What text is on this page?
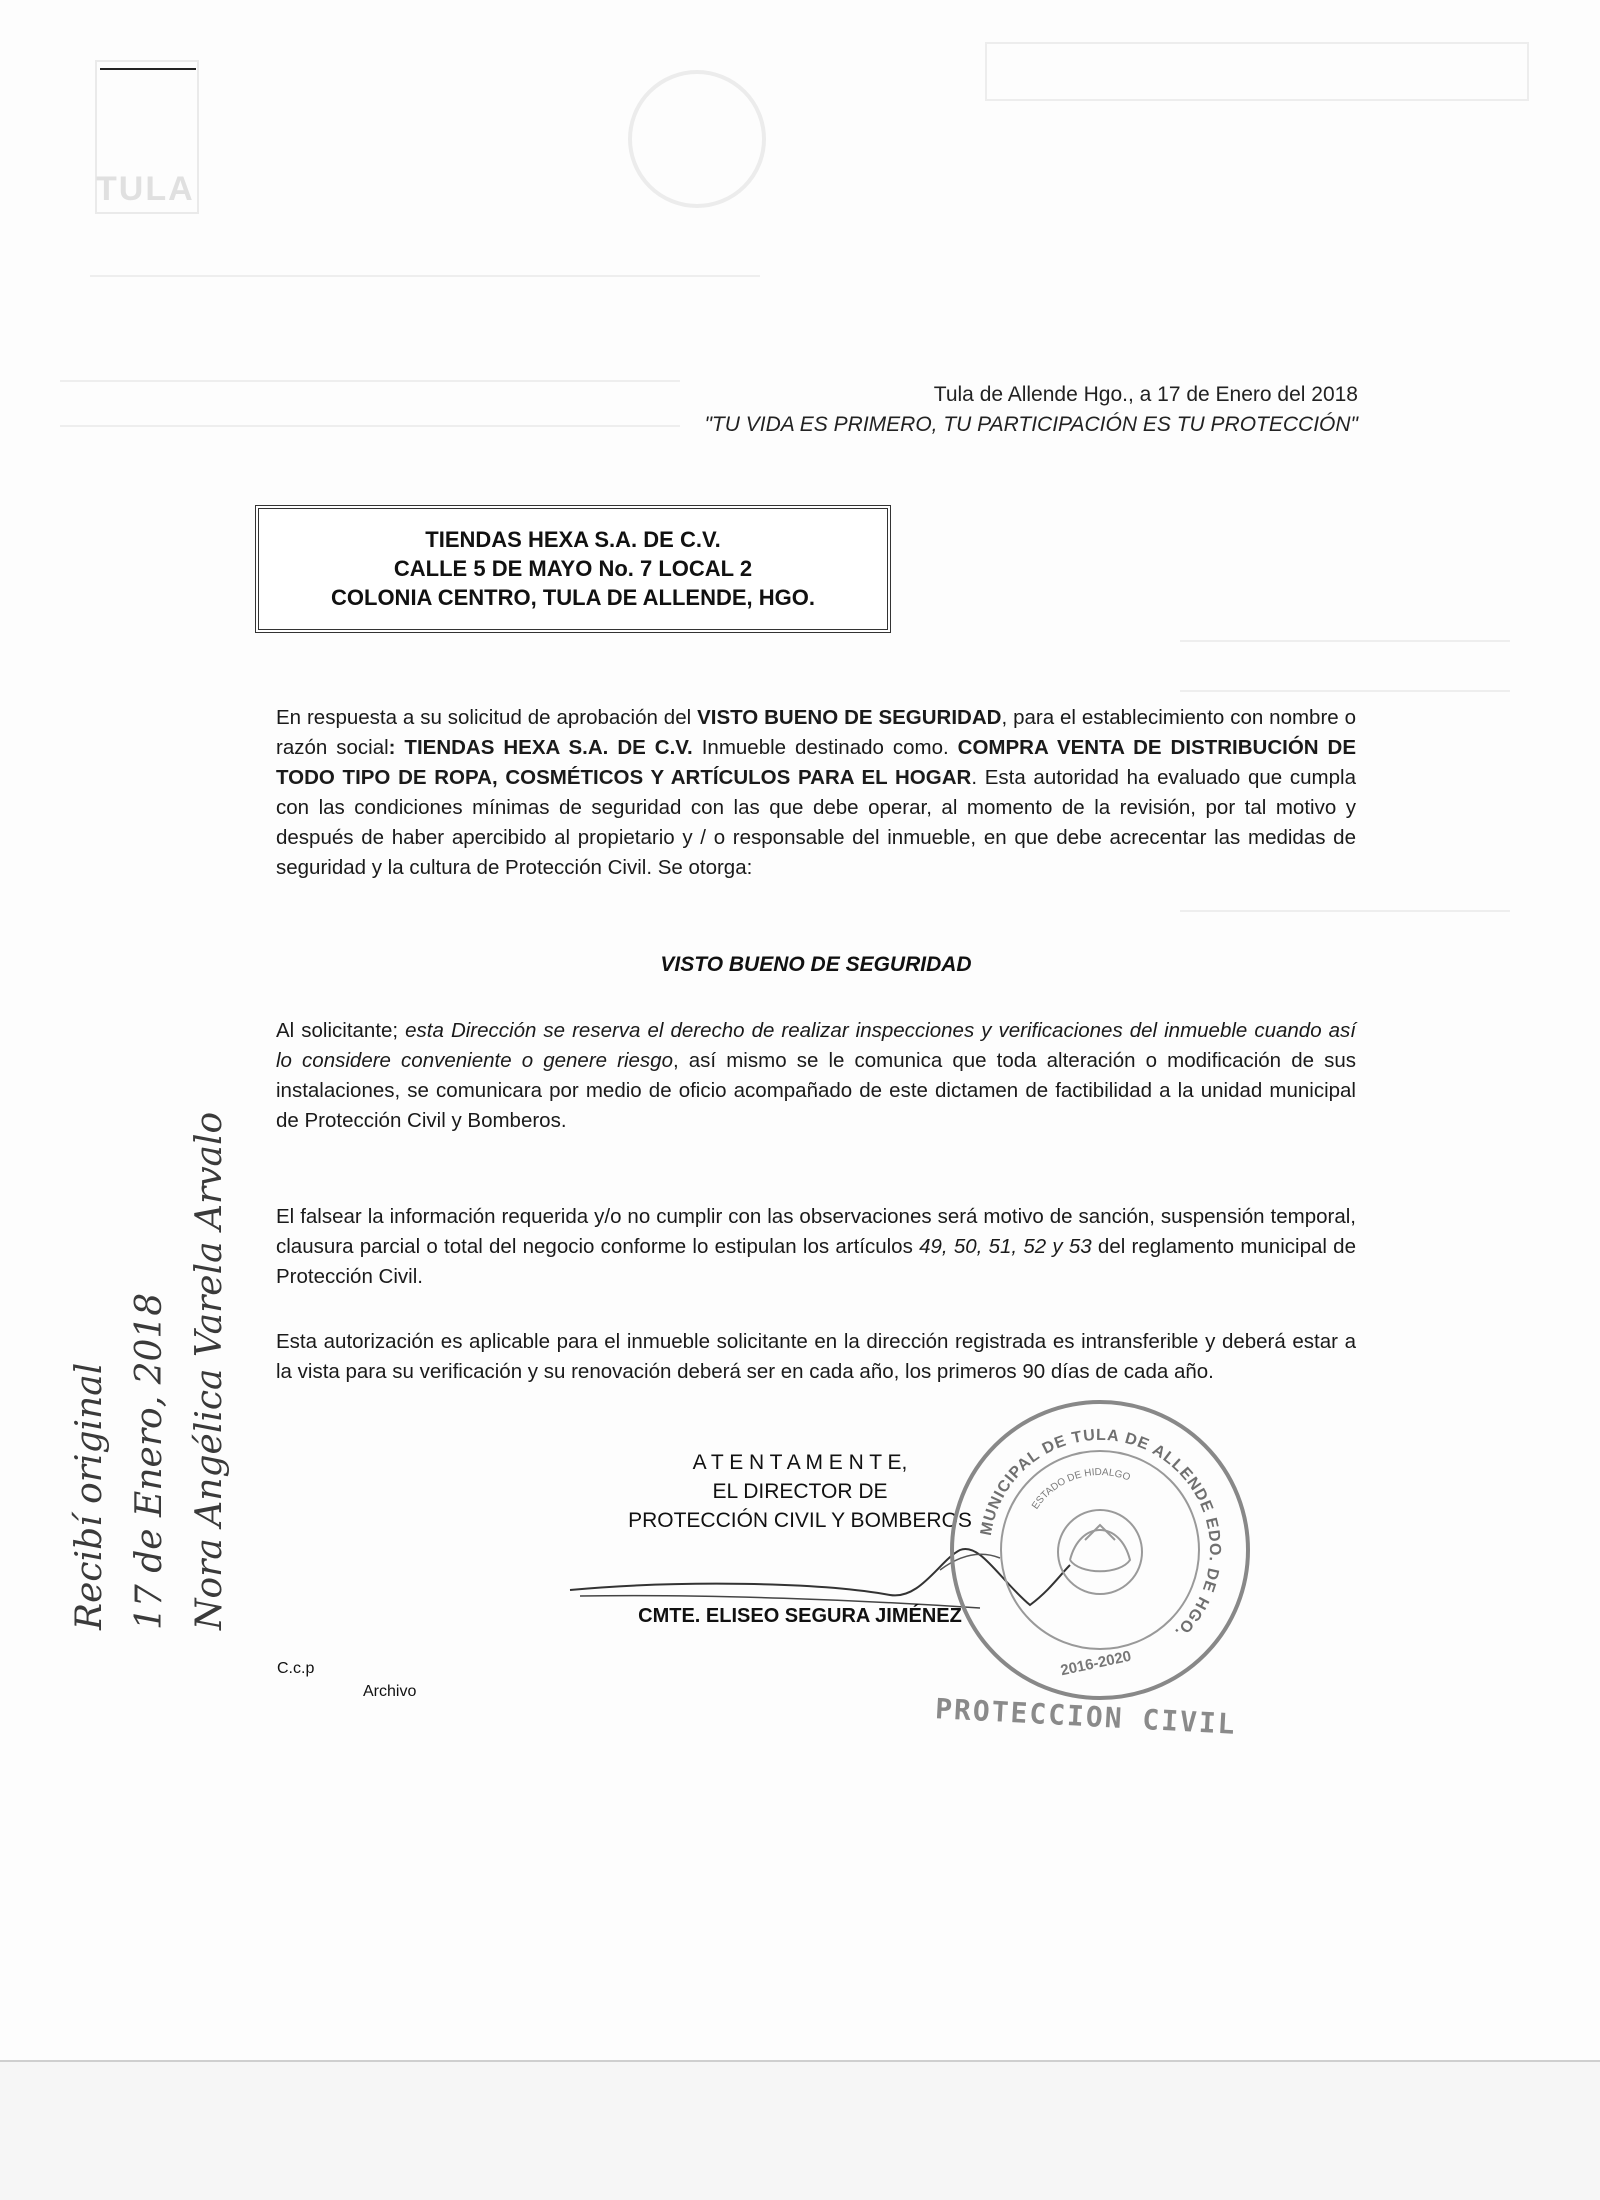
TULA
Tula de Allende Hgo., a 17 de Enero del 2018
"TU VIDA ES PRIMERO, TU PARTICIPACIÓN ES TU PROTECCIÓN"
TIENDAS HEXA S.A. DE C.V.
CALLE 5 DE MAYO No. 7 LOCAL 2
COLONIA CENTRO, TULA DE ALLENDE, HGO.
En respuesta a su solicitud de aprobación del VISTO BUENO DE SEGURIDAD, para el establecimiento con nombre o razón social: TIENDAS HEXA S.A. DE C.V. Inmueble destinado como. COMPRA VENTA DE DISTRIBUCIÓN DE TODO TIPO DE ROPA, COSMÉTICOS Y ARTÍCULOS PARA EL HOGAR. Esta autoridad ha evaluado que cumpla con las condiciones mínimas de seguridad con las que debe operar, al momento de la revisión, por tal motivo y después de haber apercibido al propietario y / o responsable del inmueble, en que debe acrecentar las medidas de seguridad y la cultura de Protección Civil. Se otorga:
VISTO BUENO DE SEGURIDAD
Al solicitante; esta Dirección se reserva el derecho de realizar inspecciones y verificaciones del inmueble cuando así lo considere conveniente o genere riesgo, así mismo se le comunica que toda alteración o modificación de sus instalaciones, se comunicara por medio de oficio acompañado de este dictamen de factibilidad a la unidad municipal de Protección Civil y Bomberos.
El falsear la información requerida y/o no cumplir con las observaciones será motivo de sanción, suspensión temporal, clausura parcial o total del negocio conforme lo estipulan los artículos 49, 50, 51, 52 y 53 del reglamento municipal de Protección Civil.
Esta autorización es aplicable para el inmueble solicitante en la dirección registrada es intransferible y deberá estar a la vista para su verificación y su renovación deberá ser en cada año, los primeros 90 días de cada año.
A T E N T A M E N T E,
EL DIRECTOR DE
PROTECCIÓN CIVIL Y BOMBEROS
CMTE. ELISEO SEGURA JIMÉNEZ
C.c.p
Archivo
MUNICIPAL DE TULA DE ALLENDE EDO. DE HGO.
ESTADO DE HIDALGO
2016-2020
PROTECCION CIVIL
Recibí original 17 de Enero, 2018 Nora Angélica Varela Arvalo
